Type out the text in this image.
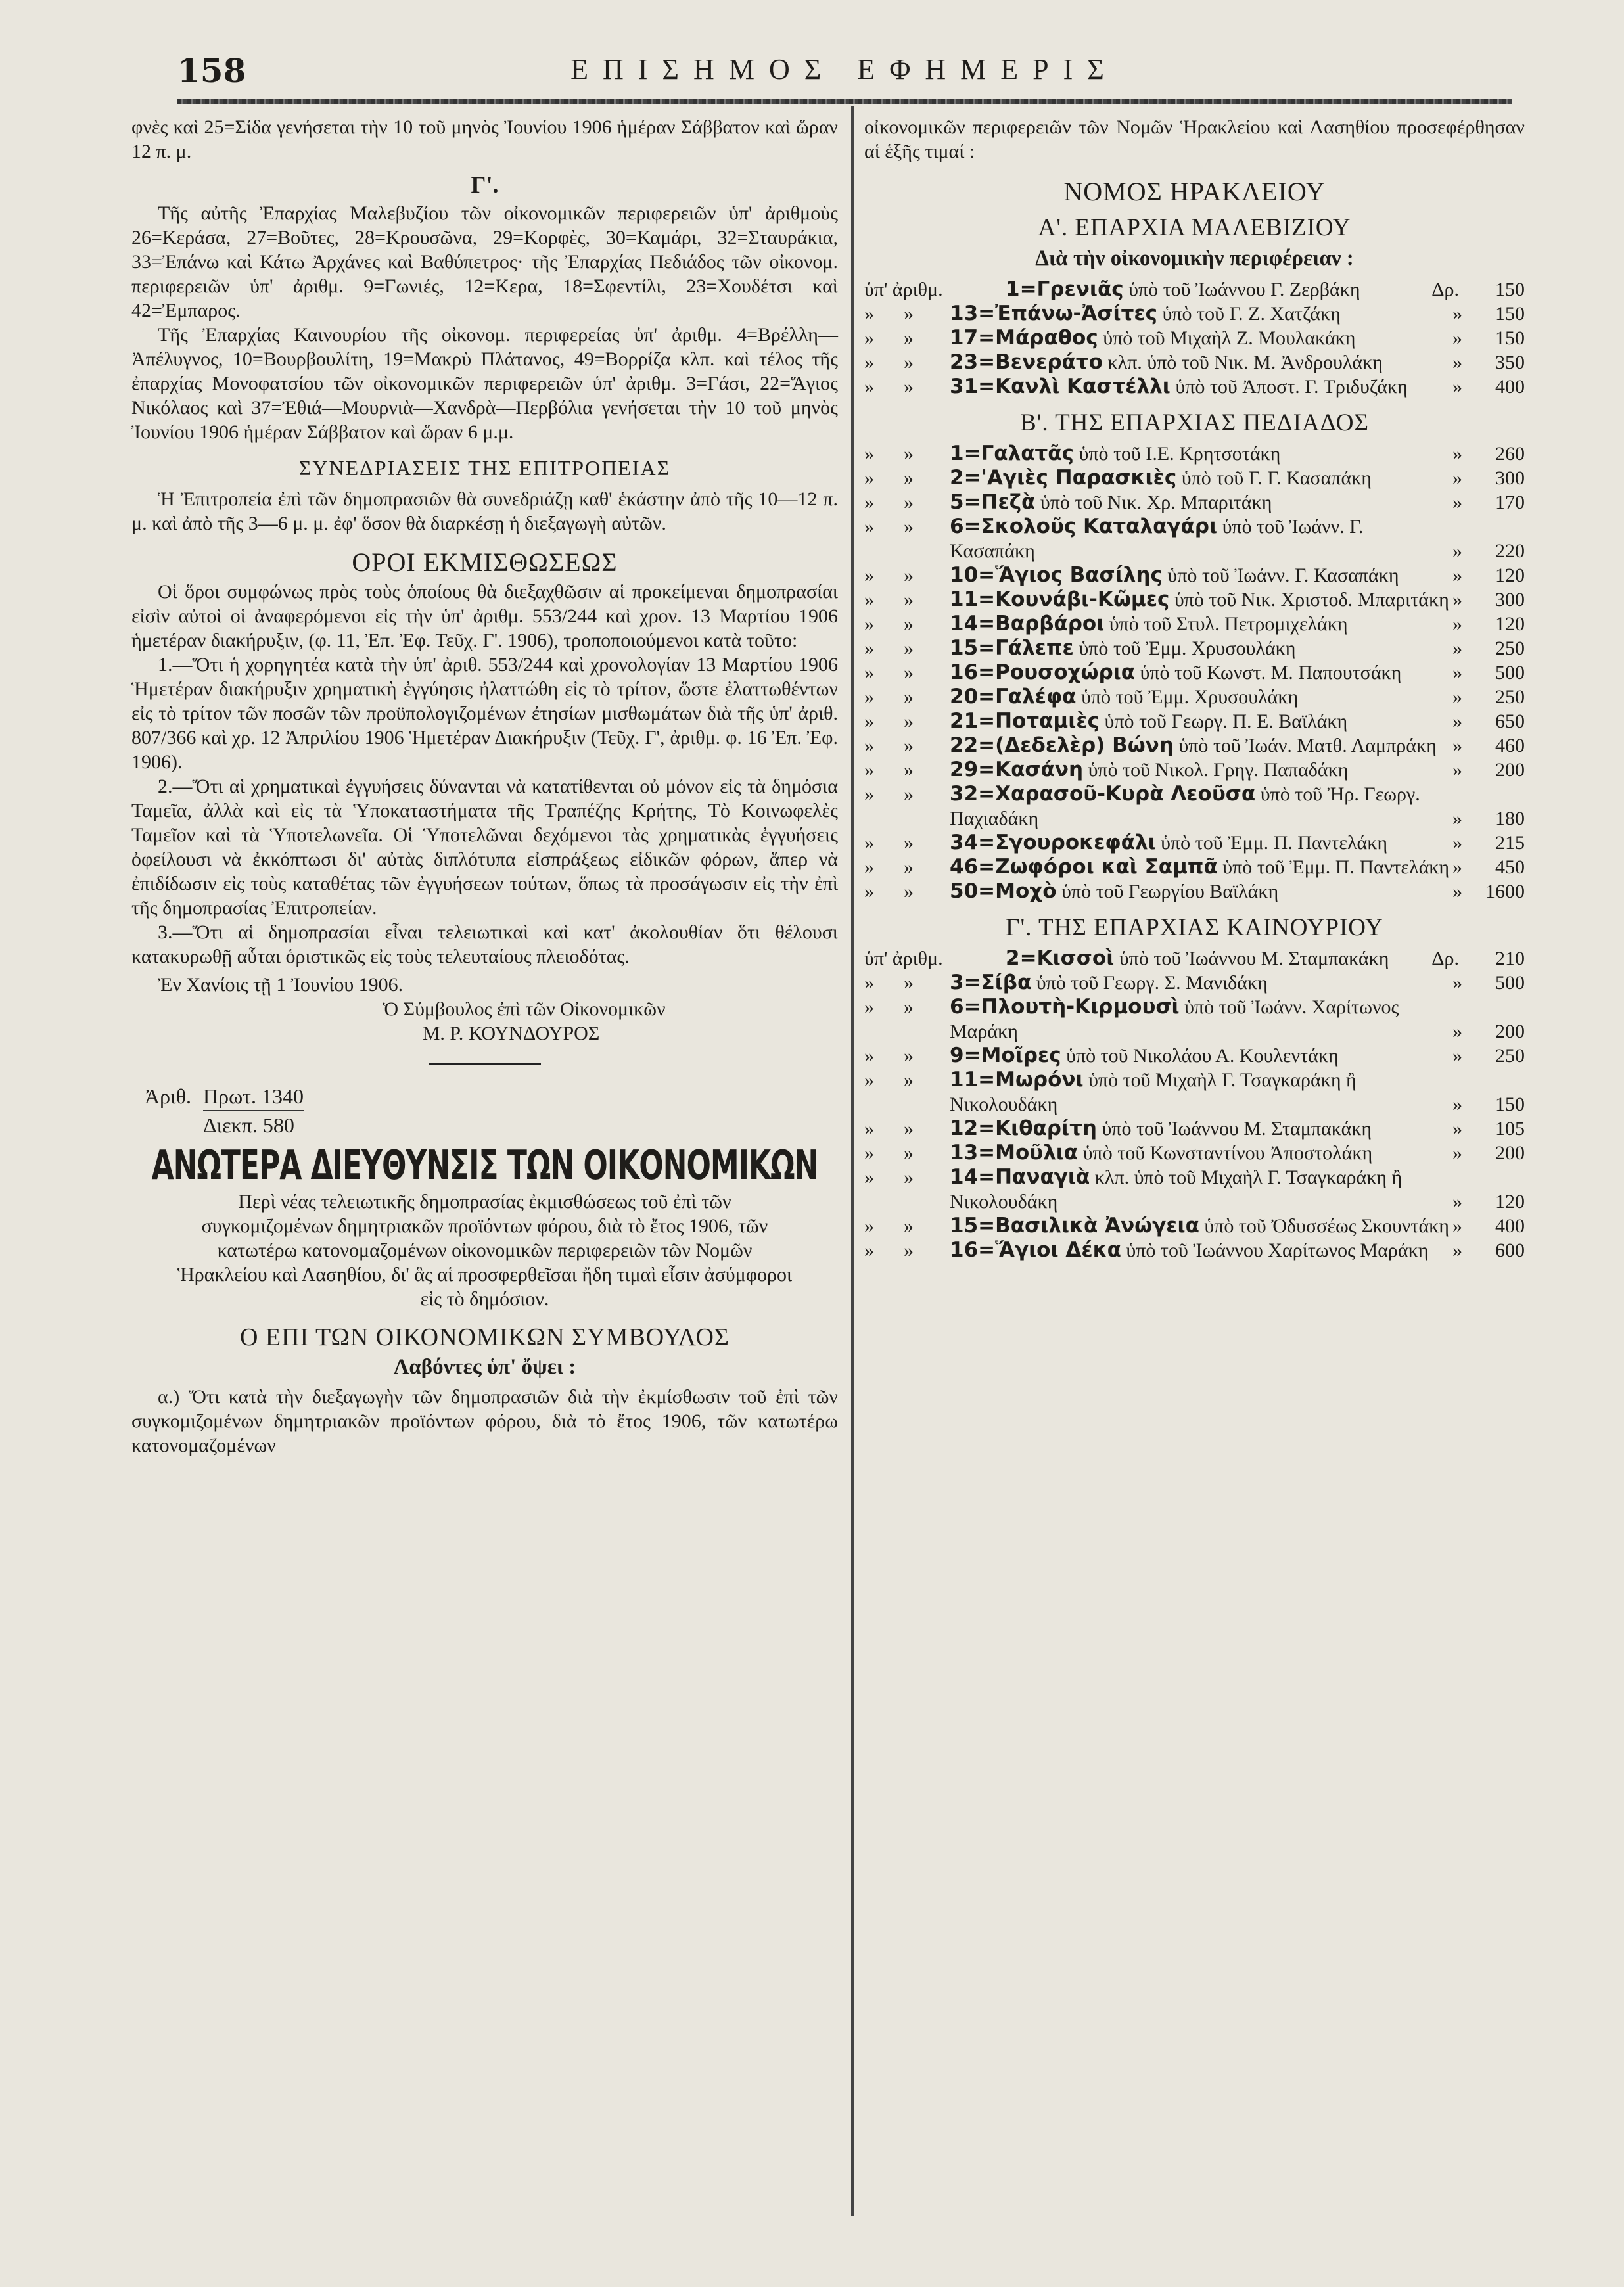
158	ΕΠΙΣΗΜΟΣ ΕΦΗΜΕΡΙΣ

φνὲς καὶ 25=Σίδα γενήσεται τὴν 10 τοῦ μηνὸς Ἰουνίου 1906 ἡμέραν Σάββατον καὶ ὥραν 12 π. μ.

Γ'.

Τῆς αὐτῆς Ἐπαρχίας Μαλεβυζίου τῶν οἰκονομικῶν περιφερειῶν ὑπ' ἀριθμοὺς 26=Κεράσα, 27=Βοῦτες, 28=Κρουσῶνα, 29=Κορφὲς, 30=Καμάρι, 32=Σταυράκια, 33=Ἐπάνω καὶ Κάτω Ἀρχάνες καὶ Βαθύπετρος· τῆς Ἐπαρχίας Πεδιάδος τῶν οἰκονομ. περιφερειῶν ὑπ' ἀριθμ. 9=Γωνιές, 12=Κερα, 18=Σφεντίλι, 23=Χουδέτσι καὶ 42=Ἐμπαρος.

Τῆς Ἐπαρχίας Καινουρίου τῆς οἰκονομ. περιφερείας ὑπ' ἀριθμ. 4=Βρέλλη—Ἀπέλυγνος, 10=Βουρβουλίτη, 19=Μακρὺ Πλάτανος, 49=Βορρίζα κλπ. καὶ τέλος τῆς ἐπαρχίας Μονοφατσίου τῶν οἰκονομικῶν περιφερειῶν ὑπ' ἀριθμ. 3=Γάσι, 22=Ἅγιος Νικόλαος καὶ 37=Ἐθιά—Μουρνιὰ—Χανδρὰ—Περβόλια γενήσεται τὴν 10 τοῦ μηνὸς Ἰουνίου 1906 ἡμέραν Σάββατον καὶ ὥραν 6 μ.μ.

ΣΥΝΕΔΡΙΑΣΕΙΣ ΤΗΣ ΕΠΙΤΡΟΠΕΙΑΣ

Ἡ Ἐπιτροπεία ἐπὶ τῶν δημοπρασιῶν θὰ συνεδριάζῃ καθ' ἑκάστην ἀπὸ τῆς 10—12 π. μ. καὶ ἀπὸ τῆς 3—6 μ. μ. ἐφ' ὅσον θὰ διαρκέσῃ ἡ διεξαγωγὴ αὐτῶν.

ΟΡΟΙ ΕΚΜΙΣΘΩΣΕΩΣ

Οἱ ὅροι συμφώνως πρὸς τοὺς ὁποίους θὰ διεξαχθῶσιν αἱ πρoκείμεναι δημοπρασίαι εἰσὶν αὐτοὶ οἱ ἀναφερόμενοι εἰς τὴν ὑπ' ἀριθμ. 553/244 καὶ χρον. 13 Μαρτίου 1906 ἡμετέραν διακήρυξιν, (φ. 11, Ἐπ. Ἐφ. Τεῦχ. Γ'. 1906), τροποποιούμενοι κατὰ τοῦτο:

1.—Ὅτι ἡ χορηγητέα κατὰ τὴν ὑπ' ἀριθ. 553/244 καὶ χρονολογίαν 13 Μαρτίου 1906 Ἡμετέραν διακήρυξιν χρηματικὴ ἐγγύησις ἠλαττώθη εἰς τὸ τρίτον, ὥστε ἐλαττωθέντων εἰς τὸ τρίτον τῶν ποσῶν τῶν προϋπολογιζομένων ἐτησίων μισθωμάτων διὰ τῆς ὑπ' ἀριθ. 807/366 καὶ χρ. 12 Ἀπριλίου 1906 Ἡμετέραν Διακήρυξιν (Τεῦχ. Γ', ἀριθμ. φ. 16 Ἐπ. Ἐφ. 1906).

2.—Ὅτι αἱ χρηματικαὶ ἐγγυήσεις δύνανται νὰ κατατίθενται οὐ μόνον εἰς τὰ δημόσια Ταμεῖα, ἀλλὰ καὶ εἰς τὰ Ὑποκαταστήματα τῆς Τραπέζης Κρήτης, Τὸ Κοινωφελὲς Ταμεῖον καὶ τὰ Ὑποτελωνεῖα. Οἱ Ὑποτελῶναι δεχόμενοι τὰς χρηματικὰς ἐγγυήσεις ὀφείλουσι νὰ ἐκκόπτωσι δι' αὐτὰς διπλότυπα εἰσπράξεως εἰδικῶν φόρων, ἅπερ νὰ ἐπιδίδωσιν εἰς τοὺς καταθέτας τῶν ἐγγυήσεων τούτων, ὅπως τὰ προσάγωσιν εἰς τὴν ἐπὶ τῆς δημοπρασίας Ἐπιτροπείαν.

3.—Ὅτι αἱ δημοπρασίαι εἶναι τελειωτικαὶ καὶ κατ' ἀκολουθίαν ὅτι θέλουσι κατακυρωθῇ αὗται ὁριστικῶς εἰς τοὺς τελευταίους πλειοδότας.

Ἐν Χανίοις τῇ 1 Ἰουνίου 1906.

Ὁ Σύμβουλος ἐπὶ τῶν Οἰκονομικῶν

Μ. Ρ. ΚΟΥΝΔΟΥΡΟΣ

Ἀριθ. Πρωτ. 1340
Διεκπ. 580

ΑΝΩΤΕΡΑ ΔΙΕΥΘΥΝΣΙΣ ΤΩΝ ΟΙΚΟΝΟΜΙΚΩΝ

Περὶ νέας τελειωτικῆς δημοπρασίας ἐκμισθώσεως τοῦ ἐπὶ τῶν συγκομιζομένων δημητριακῶν προϊόντων φόρου, διὰ τὸ ἔτος 1906, τῶν κατωτέρω κατονομαζομένων οἰκονομικῶν περιφερειῶν τῶν Νομῶν Ἡρακλείου καὶ Λασηθίου, δι' ἃς αἱ προσφερθεῖσαι ἤδη τιμαὶ εἶσιν ἀσύμφοροι εἰς τὸ δημόσιον.

Ο ΕΠΙ ΤΩΝ ΟΙΚΟΝΟΜΙΚΩΝ ΣΥΜΒΟΥΛΟΣ

Λαβόντες ὑπ' ὄψει :

α.) Ὅτι κατὰ τὴν διεξαγωγὴν τῶν δημοπρασιῶν διὰ τὴν ἐκμίσθωσιν τοῦ ἐπὶ τῶν συγκομιζομένων δημητριακῶν προϊόντων φόρου, διὰ τὸ ἔτος 1906, τῶν κατωτέρω κατονομαζομένων

οἰκονομικῶν περιφερειῶν τῶν Νομῶν Ἡρακλείου καὶ Λασηθίου προσεφέρθησαν αἱ ἑξῆς τιμαί :

ΝΟΜΟΣ ΗΡΑΚΛΕΙΟΥ

Α'. ΕΠΑΡΧΙΑ ΜΑΛΕΒΙΖΙΟΥ

Διὰ τὴν οἰκονομικὴν περιφέρειαν :

ὑπ' ἀριθμ.	1=Γρενιᾶς ὑπὸ τοῦ Ἰωάννου Γ. Ζερβάκη	Δρ. 150
» » 13=Ἐπάνω-Ἀσίτες ὑπὸ τοῦ Γ. Ζ. Χατζάκη	» 150
» » 17=Μάραθος ὑπὸ τοῦ Μιχαὴλ Ζ. Μουλακάκη	» 150
» » 23=Βενεράτο κλπ. ὑπὸ τοῦ Νικ. Μ. Ἀνδρουλάκη	» 350
» » 31=Κανλὶ Καστέλλι ὑπὸ τοῦ Ἀποστ. Γ. Τριδυζάκη	» 400

Β'. ΤΗΣ ΕΠΑΡΧΙΑΣ ΠΕΔΙΑΔΟΣ

» » 1=Γαλατᾶς ὑπὸ τοῦ Ι.Ε. Κρητσοτάκη	» 260
» » 2='Αγιὲς Παρασκιὲς ὑπὸ τοῦ Γ. Γ. Κασαπάκη	» 300
» » 5=Πεζὰ ὑπὸ τοῦ Νικ. Χρ. Μπαριτάκη	» 170
» » 6=Σκολοῦς Καταλαγάρι ὑπὸ τοῦ Ἰωάνν. Γ. Κασαπάκη	» 220
» » 10=Ἅγιος Βασίλης ὑπὸ τοῦ Ἰωάνν. Γ. Κασαπάκη	» 120
» » 11=Κουνάβι-Κῶμες ὑπὸ τοῦ Νικ. Χριστοδ. Μπαριτάκη » 300
» » 14=Βαρβάροι ὑπὸ τοῦ Στυλ. Πετρομιχελάκη	» 120
» » 15=Γάλεπε ὑπὸ τοῦ Ἐμμ. Χρυσουλάκη	» 250
» » 16=Ρουσοχώρια ὑπὸ τοῦ Κωνστ. Μ. Παπουτσάκη	» 500
» » 20=Γαλέφα ὑπὸ τοῦ Ἐμμ. Χρυσουλάκη	» 250
» » 21=Ποταμιὲς ὑπὸ τοῦ Γεωργ. Π. Ε. Βαϊλάκη	» 650
» » 22=(Δεδελὲρ) Βώνη ὑπὸ τοῦ Ἰωάν. Ματθ. Λαμπράκη » 460
» » 29=Κασάνη ὑπὸ τοῦ Νικολ. Γρηγ. Παπαδάκη	» 200
» » 32=Χαρασοῦ-Κυρὰ Λεοῦσα ὑπὸ τοῦ Ἠρ. Γεωργ. Παχιαδάκη	» 180
» » 34=Σγουροκεφάλι ὑπὸ τοῦ Ἐμμ. Π. Παντελάκη	» 215
» » 46=Ζωφόροι καὶ Σαμπᾶ ὑπὸ τοῦ Ἐμμ. Π. Παντελάκη » 450
» » 50=Μοχὸ ὑπὸ τοῦ Γεωργίου Βαϊλάκη	» 1600

Γ'. ΤΗΣ ΕΠΑΡΧΙΑΣ ΚΑΙΝΟΥΡΙΟΥ

ὑπ' ἀριθμ.	2=Κισσοὶ ὑπὸ τοῦ Ἰωάννου Μ. Σταμπακάκη	Δρ. 210
» » 3=Σίβα ὑπὸ τοῦ Γεωργ. Σ. Μανιδάκη	» 500
» » 6=Πλουτὴ-Κιρμουσὶ ὑπὸ τοῦ Ἰωάνν. Χαρίτωνος Μαράκη	» 200
» » 9=Μοῖρες ὑπὸ τοῦ Νικολάου Α. Κουλεντάκη	» 250
» » 11=Μωρόνι ὑπὸ τοῦ Μιχαὴλ Γ. Τσαγκαράκη ἢ Νικολουδάκη	» 150
» » 12=Κιθαρίτη ὑπὸ τοῦ Ἰωάννου Μ. Σταμπακάκη	» 105
» » 13=Μοῦλια ὑπὸ τοῦ Κωνσταντίνου Ἀποστολάκη	» 200
» » 14=Παναγιὰ κλπ. ὑπὸ τοῦ Μιχαὴλ Γ. Τσαγκαράκη ἢ Νικολουδάκη	» 120
» » 15=Βασιλικὰ Ἀνώγεια ὑπὸ τοῦ Ὀδυσσέως Σκουντάκη » 400
» » 16=Ἅγιοι Δέκα ὑπὸ τοῦ Ἰωάννου Χαρίτωνος Μαράκη	» 600
